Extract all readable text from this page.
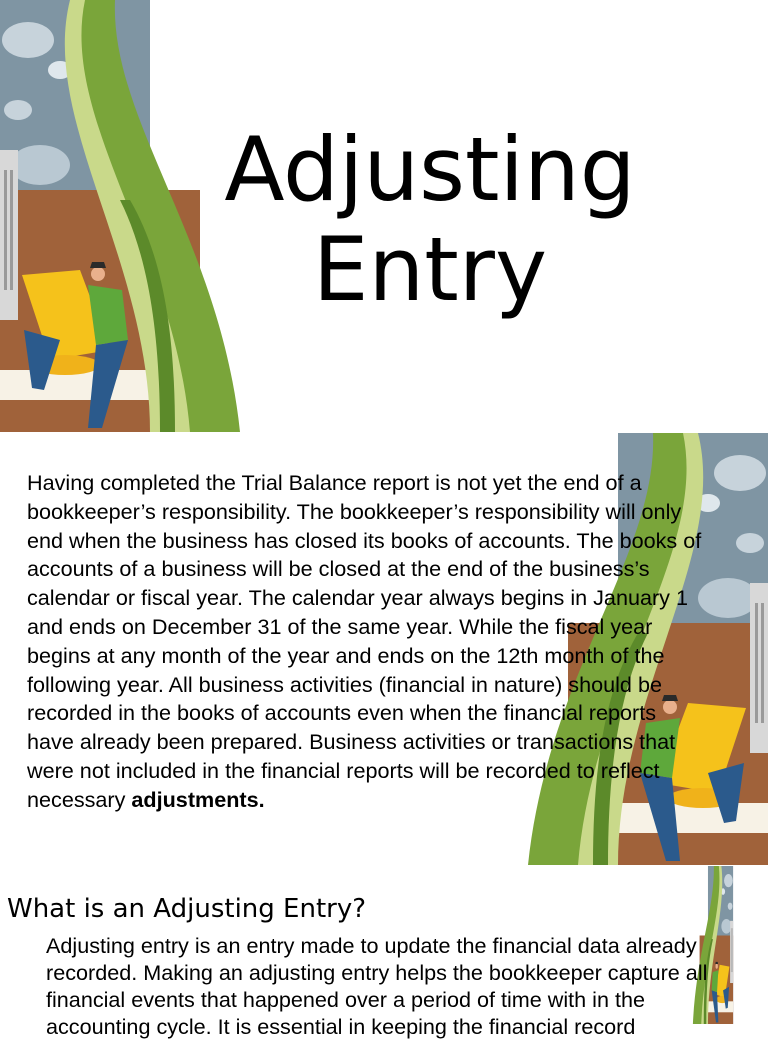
Adjusting Entry
Having completed the Trial Balance report is not yet the end of a bookkeeper’s responsibility. The bookkeeper’s responsibility will only end when the business has closed its books of accounts. The books of accounts of a business will be closed at the end of the business’s calendar or fiscal year. The calendar year always begins in January 1 and ends on December 31 of the same year. While the fiscal year begins at any month of the year and ends on the 12th month of the following year. All business activities (financial in nature) should be recorded in the books of accounts even when the financial reports have already been prepared. Business activities or transactions that were not included in the financial reports will be recorded to reflect necessary adjustments.
What is an Adjusting Entry?
Adjusting entry is an entry made to update the financial data already recorded. Making an adjusting entry helps the bookkeeper capture all financial events that happened over a period of time with in the accounting cycle. It is essential in keeping the financial record
